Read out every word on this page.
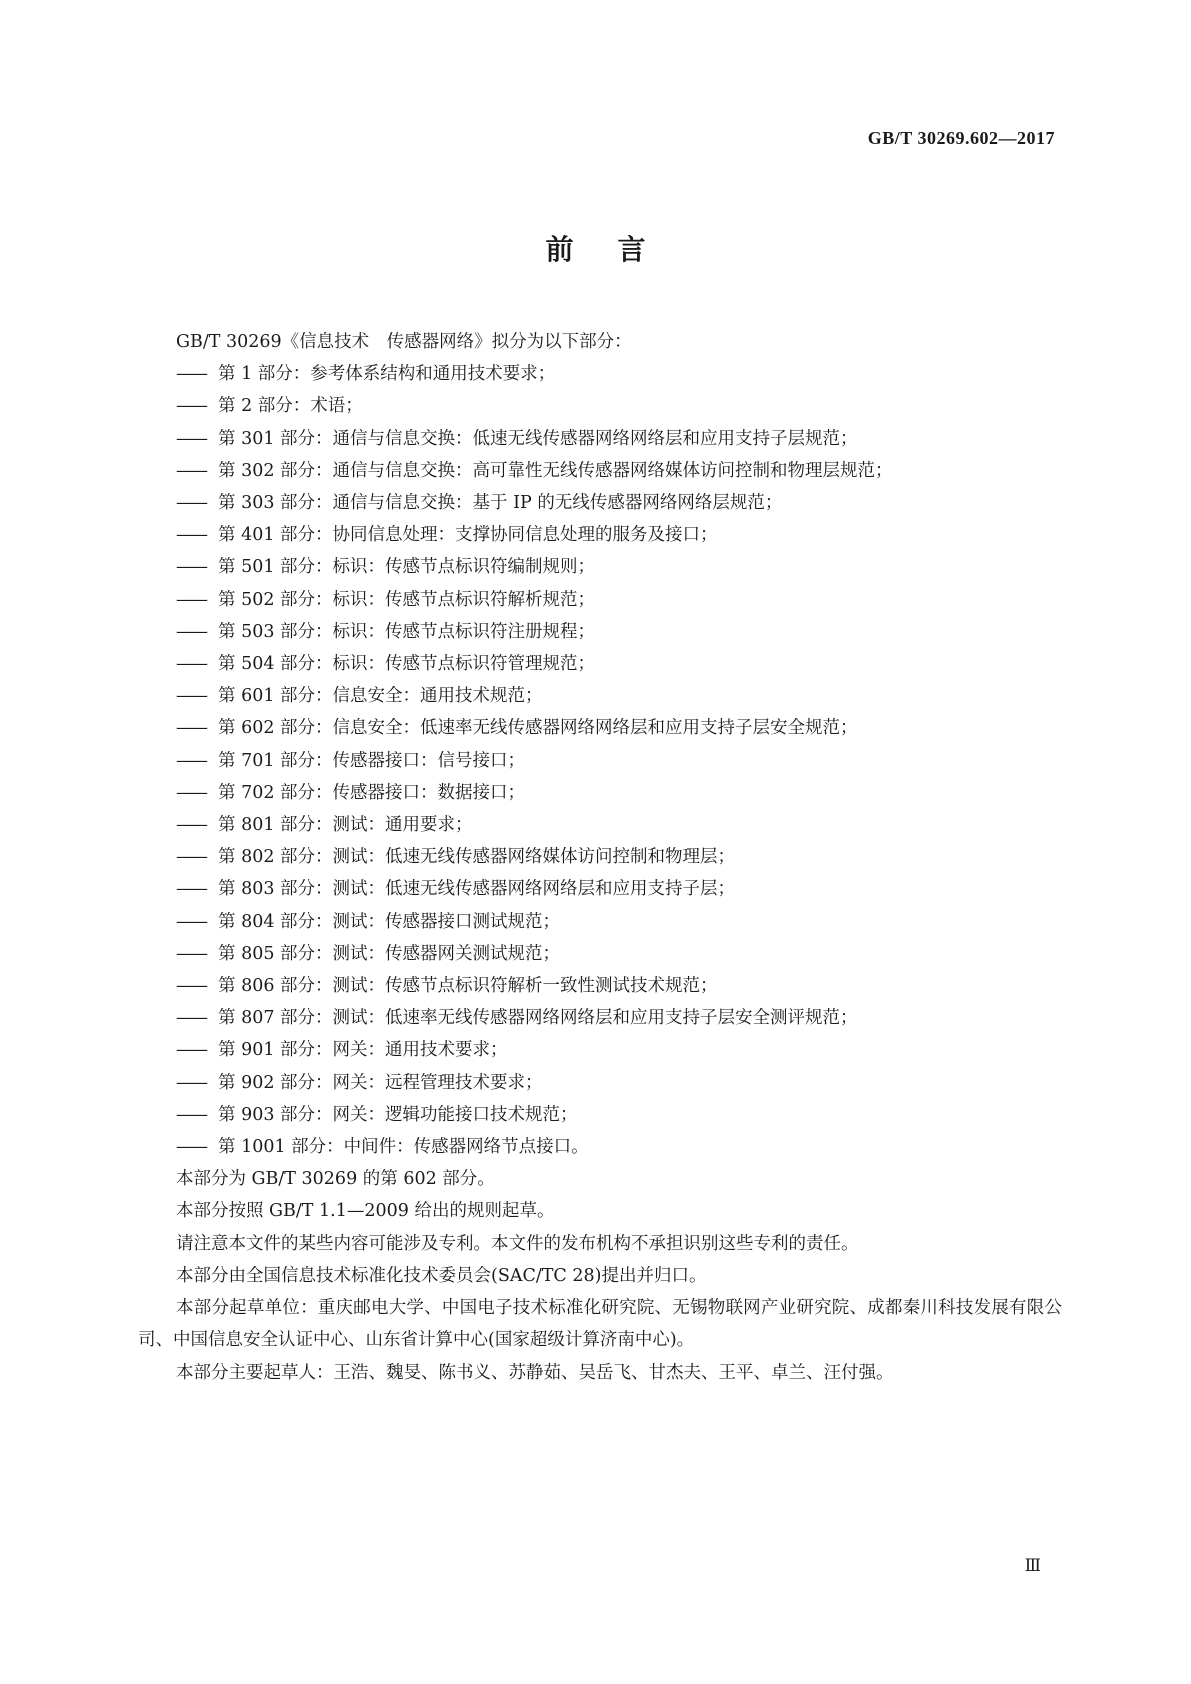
GB/T 30269.602—2017
前言

GB/T 30269《信息技术　传感器网络》拟分为以下部分：

—— 第 1 部分：参考体系结构和通用技术要求；
—— 第 2 部分：术语；
—— 第 301 部分：通信与信息交换：低速无线传感器网络网络层和应用支持子层规范；
—— 第 302 部分：通信与信息交换：高可靠性无线传感器网络媒体访问控制和物理层规范；
—— 第 303 部分：通信与信息交换：基于 IP 的无线传感器网络网络层规范；
—— 第 401 部分：协同信息处理：支撑协同信息处理的服务及接口；
—— 第 501 部分：标识：传感节点标识符编制规则；
—— 第 502 部分：标识：传感节点标识符解析规范；
—— 第 503 部分：标识：传感节点标识符注册规程；
—— 第 504 部分：标识：传感节点标识符管理规范；
—— 第 601 部分：信息安全：通用技术规范；
—— 第 602 部分：信息安全：低速率无线传感器网络网络层和应用支持子层安全规范；
—— 第 701 部分：传感器接口：信号接口；
—— 第 702 部分：传感器接口：数据接口；
—— 第 801 部分：测试：通用要求；
—— 第 802 部分：测试：低速无线传感器网络媒体访问控制和物理层；
—— 第 803 部分：测试：低速无线传感器网络网络层和应用支持子层；
—— 第 804 部分：测试：传感器接口测试规范；
—— 第 805 部分：测试：传感器网关测试规范；
—— 第 806 部分：测试：传感节点标识符解析一致性测试技术规范；
—— 第 807 部分：测试：低速率无线传感器网络网络层和应用支持子层安全测评规范；
—— 第 901 部分：网关：通用技术要求；
—— 第 902 部分：网关：远程管理技术要求；
—— 第 903 部分：网关：逻辑功能接口技术规范；
—— 第 1001 部分：中间件：传感器网络节点接口。

本部分为 GB/T 30269 的第 602 部分。

本部分按照 GB/T 1.1—2009 给出的规则起草。

请注意本文件的某些内容可能涉及专利。本文件的发布机构不承担识别这些专利的责任。

本部分由全国信息技术标准化技术委员会(SAC/TC 28)提出并归口。

本部分起草单位：重庆邮电大学、中国电子技术标准化研究院、无锡物联网产业研究院、成都秦川科技发展有限公司、中国信息安全认证中心、山东省计算中心(国家超级计算济南中心)。

本部分主要起草人：王浩、魏旻、陈书义、苏静茹、吴岳飞、甘杰夫、王平、卓兰、汪付强。

Ⅲ
